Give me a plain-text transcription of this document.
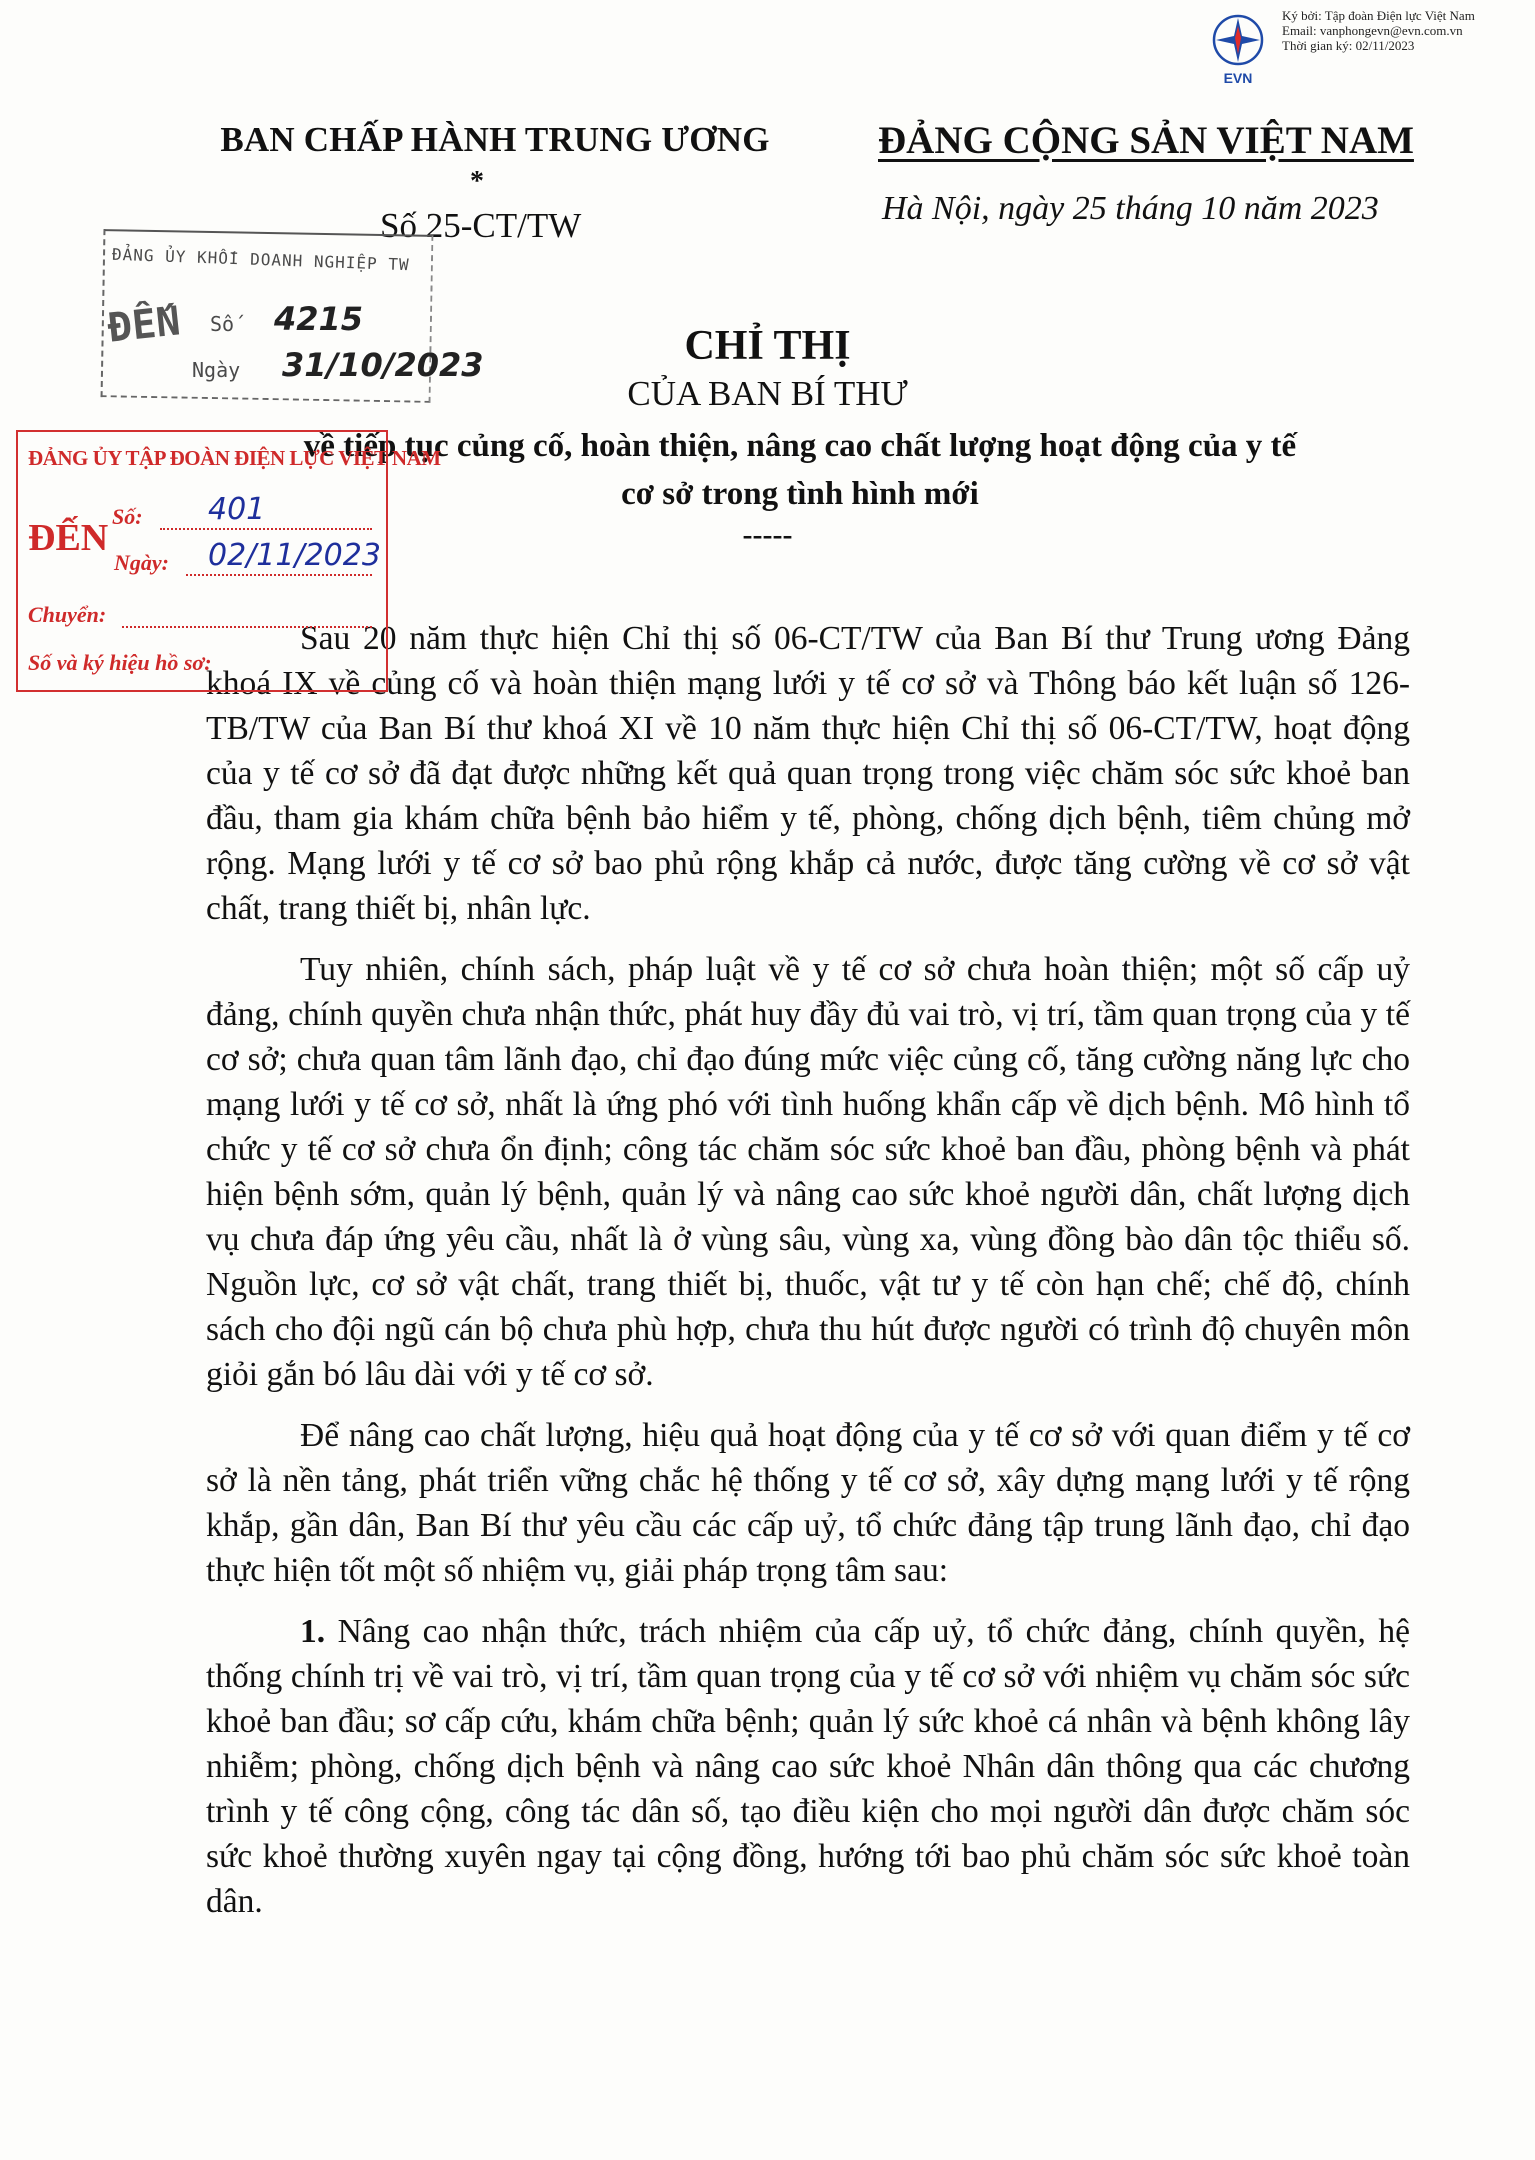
EVN
Ký bởi: Tập đoàn Điện lực Việt Nam
Email: vanphongevn@evn.com.vn
Thời gian ký: 02/11/2023
BAN CHẤP HÀNH TRUNG ƯƠNG
*
Số 25-CT/TW
ĐẢNG CỘNG SẢN VIỆT NAM
Hà Nội, ngày 25 tháng 10 năm 2023
CHỈ THỊ
CỦA BAN BÍ THƯ
về tiếp tục củng cố, hoàn thiện, nâng cao chất lượng hoạt động của y tế cơ sở trong tình hình mới
-----

Sau 20 năm thực hiện Chỉ thị số 06-CT/TW của Ban Bí thư Trung ương Đảng khoá IX về củng cố và hoàn thiện mạng lưới y tế cơ sở và Thông báo kết luận số 126-TB/TW của Ban Bí thư khoá XI về 10 năm thực hiện Chỉ thị số 06-CT/TW, hoạt động của y tế cơ sở đã đạt được những kết quả quan trọng trong việc chăm sóc sức khoẻ ban đầu, tham gia khám chữa bệnh bảo hiểm y tế, phòng, chống dịch bệnh, tiêm chủng mở rộng. Mạng lưới y tế cơ sở bao phủ rộng khắp cả nước, được tăng cường về cơ sở vật chất, trang thiết bị, nhân lực.

Tuy nhiên, chính sách, pháp luật về y tế cơ sở chưa hoàn thiện; một số cấp uỷ đảng, chính quyền chưa nhận thức, phát huy đầy đủ vai trò, vị trí, tầm quan trọng của y tế cơ sở; chưa quan tâm lãnh đạo, chỉ đạo đúng mức việc củng cố, tăng cường năng lực cho mạng lưới y tế cơ sở, nhất là ứng phó với tình huống khẩn cấp về dịch bệnh. Mô hình tổ chức y tế cơ sở chưa ổn định; công tác chăm sóc sức khoẻ ban đầu, phòng bệnh và phát hiện bệnh sớm, quản lý bệnh, quản lý và nâng cao sức khoẻ người dân, chất lượng dịch vụ chưa đáp ứng yêu cầu, nhất là ở vùng sâu, vùng xa, vùng đồng bào dân tộc thiểu số. Nguồn lực, cơ sở vật chất, trang thiết bị, thuốc, vật tư y tế còn hạn chế; chế độ, chính sách cho đội ngũ cán bộ chưa phù hợp, chưa thu hút được người có trình độ chuyên môn giỏi gắn bó lâu dài với y tế cơ sở.

Để nâng cao chất lượng, hiệu quả hoạt động của y tế cơ sở với quan điểm y tế cơ sở là nền tảng, phát triển vững chắc hệ thống y tế cơ sở, xây dựng mạng lưới y tế rộng khắp, gần dân, Ban Bí thư yêu cầu các cấp uỷ, tổ chức đảng tập trung lãnh đạo, chỉ đạo thực hiện tốt một số nhiệm vụ, giải pháp trọng tâm sau:

1. Nâng cao nhận thức, trách nhiệm của cấp uỷ, tổ chức đảng, chính quyền, hệ thống chính trị về vai trò, vị trí, tầm quan trọng của y tế cơ sở với nhiệm vụ chăm sóc sức khoẻ ban đầu; sơ cấp cứu, khám chữa bệnh; quản lý sức khoẻ cá nhân và bệnh không lây nhiễm; phòng, chống dịch bệnh và nâng cao sức khoẻ Nhân dân thông qua các chương trình y tế công cộng, công tác dân số, tạo điều kiện cho mọi người dân được chăm sóc sức khoẻ thường xuyên ngay tại cộng đồng, hướng tới bao phủ chăm sóc sức khoẻ toàn dân.

ĐẢNG ỦY KHỐI DOANH NGHIỆP TW
ĐẾN Số 4215
Ngày 31/10/2023
ĐẢNG ỦY TẬP ĐOÀN ĐIỆN LỰC VIỆT NAM
ĐẾN
Số: 401
Ngày: 02/11/2023
Chuyển:
Số và ký hiệu hồ sơ:
